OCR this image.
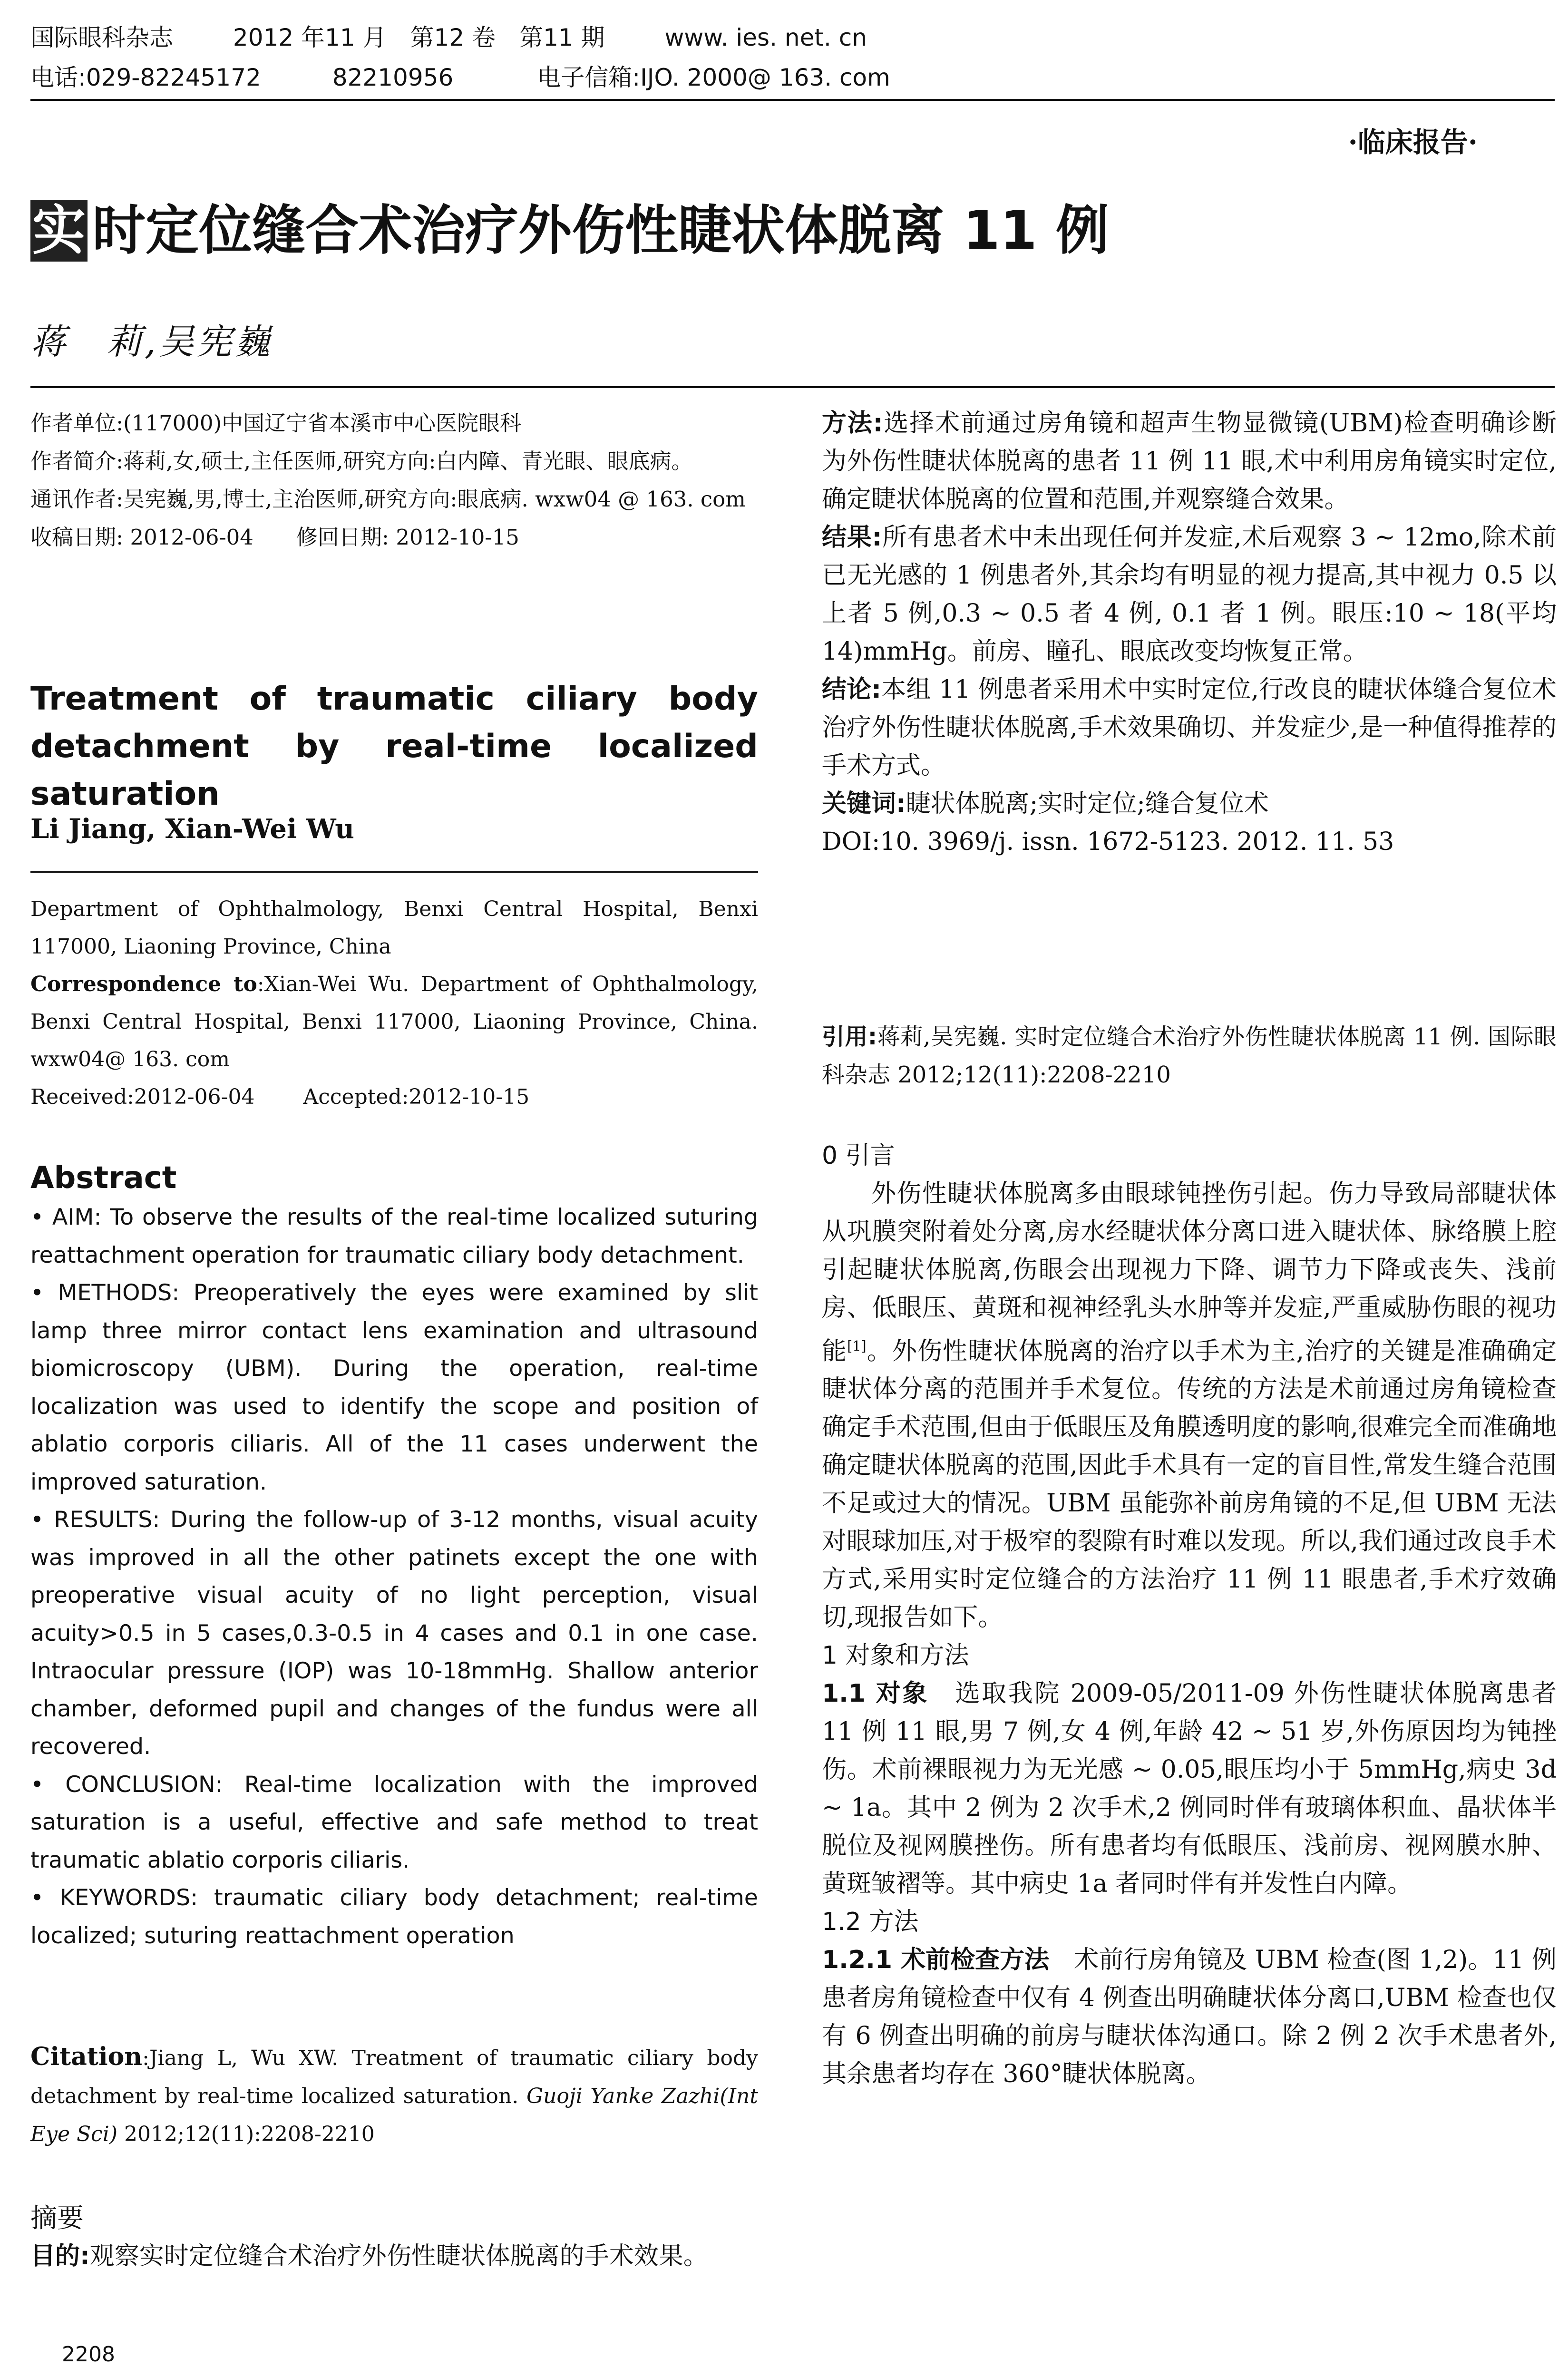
国际眼科杂志	2012 年11 月　第12 卷　第11 期	www. ies. net. cn
电话:029-82245172　　　82210956	电子信箱:IJO. 2000@ 163. com
·临床报告·
实 时定位缝合术治疗外伤性睫状体脱离 11 例
蒋　莉,吴宪巍

作者单位:(117000)中国辽宁省本溪市中心医院眼科

作者简介:蒋莉,女,硕士,主任医师,研究方向:白内障、青光眼、眼底病。

通讯作者:吴宪巍,男,博士,主治医师,研究方向:眼底病. wxw04 @ 163. com

收稿日期: 2012-06-04　　修回日期: 2012-10-15

Treatment of traumatic ciliary body

detachment by real-time localized saturation

Li Jiang, Xian-Wei Wu

Department of Ophthalmology, Benxi Central Hospital, Benxi 117000, Liaoning Province, China

Correspondence to:Xian-Wei Wu. Department of Ophthalmology, Benxi Central Hospital, Benxi 117000, Liaoning Province, China. wxw04@ 163. com

Received:2012-06-04　　 Accepted:2012-10-15

Abstract

• AIM: To observe the results of the real-time localized suturing reattachment operation for traumatic ciliary body detachment.

• METHODS: Preoperatively the eyes were examined by slit lamp three mirror contact lens examination and ultrasound biomicroscopy (UBM). During the operation, real-time localization was used to identify the scope and position of ablatio corporis ciliaris. All of the 11 cases underwent the improved saturation.

• RESULTS: During the follow-up of 3-12 months, visual acuity was improved in all the other patinets except the one with preoperative visual acuity of no light perception, visual acuity>0.5 in 5 cases,0.3-0.5 in 4 cases and 0.1 in one case. Intraocular pressure (IOP) was 10-18mmHg. Shallow anterior chamber, deformed pupil and changes of the fundus were all recovered.

• CONCLUSION: Real-time localization with the improved saturation is a useful, effective and safe method to treat traumatic ablatio corporis ciliaris.

• KEYWORDS: traumatic ciliary body detachment; real-time localized; suturing reattachment operation

Citation:Jiang L, Wu XW. Treatment of traumatic ciliary body detachment by real-time localized saturation. Guoji Yanke Zazhi(Int Eye Sci) 2012;12(11):2208-2210

摘要

目的:观察实时定位缝合术治疗外伤性睫状体脱离的手术效果。

2208

方法:选择术前通过房角镜和超声生物显微镜(UBM)检查明确诊断为外伤性睫状体脱离的患者 11 例 11 眼,术中利用房角镜实时定位,确定睫状体脱离的位置和范围,并观察缝合效果。

结果:所有患者术中未出现任何并发症,术后观察 3 ~ 12mo,除术前已无光感的 1 例患者外,其余均有明显的视力提高,其中视力 0.5 以上者 5 例,0.3 ~ 0.5 者 4 例, 0.1 者 1 例。眼压:10 ~ 18(平均 14)mmHg。前房、瞳孔、眼底改变均恢复正常。

结论:本组 11 例患者采用术中实时定位,行改良的睫状体缝合复位术治疗外伤性睫状体脱离,手术效果确切、并发症少,是一种值得推荐的手术方式。

关键词:睫状体脱离;实时定位;缝合复位术

DOI:10. 3969/j. issn. 1672-5123. 2012. 11. 53

引用:蒋莉,吴宪巍. 实时定位缝合术治疗外伤性睫状体脱离 11 例. 国际眼科杂志 2012;12(11):2208-2210

0 引言

外伤性睫状体脱离多由眼球钝挫伤引起。伤力导致局部睫状体从巩膜突附着处分离,房水经睫状体分离口进入睫状体、脉络膜上腔引起睫状体脱离,伤眼会出现视力下降、调节力下降或丧失、浅前房、低眼压、黄斑和视神经乳头水肿等并发症,严重威胁伤眼的视功能[1]。外伤性睫状体脱离的治疗以手术为主,治疗的关键是准确确定睫状体分离的范围并手术复位。传统的方法是术前通过房角镜检查确定手术范围,但由于低眼压及角膜透明度的影响,很难完全而准确地确定睫状体脱离的范围,因此手术具有一定的盲目性,常发生缝合范围不足或过大的情况。UBM 虽能弥补前房角镜的不足,但 UBM 无法对眼球加压,对于极窄的裂隙有时难以发现。所以,我们通过改良手术方式,采用实时定位缝合的方法治疗 11 例 11 眼患者,手术疗效确切,现报告如下。

1 对象和方法

1.1 对象　选取我院 2009-05/2011-09 外伤性睫状体脱离患者 11 例 11 眼,男 7 例,女 4 例,年龄 42 ~ 51 岁,外伤原因均为钝挫伤。术前裸眼视力为无光感 ~ 0.05,眼压均小于 5mmHg,病史 3d ~ 1a。其中 2 例为 2 次手术,2 例同时伴有玻璃体积血、晶状体半脱位及视网膜挫伤。所有患者均有低眼压、浅前房、视网膜水肿、黄斑皱褶等。其中病史 1a 者同时伴有并发性白内障。

1.2 方法

1.2.1 术前检查方法　术前行房角镜及 UBM 检查(图 1,2)。11 例患者房角镜检查中仅有 4 例查出明确睫状体分离口,UBM 检查也仅有 6 例查出明确的前房与睫状体沟通口。除 2 例 2 次手术患者外,其余患者均存在 360°睫状体脱离。
